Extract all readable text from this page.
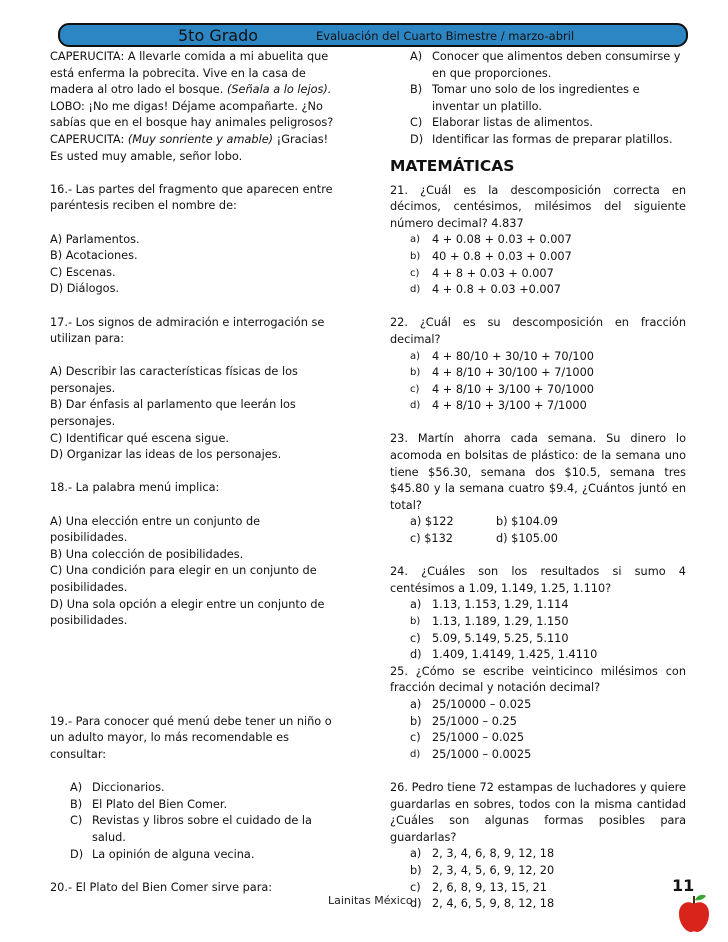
5to Grado	Evaluación del Cuarto Bimestre / marzo-abril

CAPERUCITA: A llevarle comida a mi abuelita que está enferma la pobrecita. Vive en la casa de madera al otro lado el bosque. (Señala a lo lejos).

LOBO: ¡No me digas! Déjame acompañarte. ¿No sabías que en el bosque hay animales peligrosos?

CAPERUCITA: (Muy sonriente y amable) ¡Gracias! Es usted muy amable, señor lobo.

16.- Las partes del fragmento que aparecen entre paréntesis reciben el nombre de:

A) Parlamentos.

B) Acotaciones.

C) Escenas.

D) Diálogos.

17.- Los signos de admiración e interrogación se utilizan para:

A) Describir las características físicas de los personajes.

B) Dar énfasis al parlamento que leerán los personajes.

C) Identificar qué escena sigue.

D) Organizar las ideas de los personajes.

18.- La palabra menú implica:

A) Una elección entre un conjunto de posibilidades.

B) Una colección de posibilidades.

C) Una condición para elegir en un conjunto de posibilidades.

D) Una sola opción a elegir entre un conjunto de posibilidades.

19.- Para conocer qué menú debe tener un niño o un adulto mayor, lo más recomendable es consultar:

A) Diccionarios.
B) El Plato del Bien Comer.
C) Revistas y libros sobre el cuidado de la salud.
D) La opinión de alguna vecina.

20.- El Plato del Bien Comer sirve para:

A) Conocer que alimentos deben consumirse y en que proporciones.
B) Tomar uno solo de los ingredientes e inventar un platillo.
C) Elaborar listas de alimentos.
D) Identificar las formas de preparar platillos.
MATEMÁTICAS

21. ¿Cuál es la descomposición correcta en décimos, centésimos, milésimos del siguiente número decimal? 4.837

a) 4 + 0.08 + 0.03 + 0.007
b) 40 + 0.8 + 0.03 + 0.007
c) 4 + 8 + 0.03 + 0.007
d) 4 + 0.8 + 0.03 +0.007

22. ¿Cuál es su descomposición en fracción decimal?

a) 4 + 80/10 + 30/10 + 70/100
b) 4 + 8/10 + 30/100 + 7/1000
c) 4 + 8/10 + 3/100 + 70/1000
d) 4 + 8/10 + 3/100 + 7/1000

23. Martín ahorra cada semana. Su dinero lo acomoda en bolsitas de plástico: de la semana uno tiene $56.30, semana dos $10.5, semana tres $45.80 y la semana cuatro $9.4, ¿Cuántos juntó en total?

a) $122	b) $104.09
c) $132	d) $105.00

24. ¿Cuáles son los resultados si sumo 4 centésimos a 1.09, 1.149, 1.25, 1.110?

a) 1.13, 1.153, 1.29, 1.114
b) 1.13, 1.189, 1.29, 1.150
c) 5.09, 5.149, 5.25, 5.110
d) 1.409, 1.4149, 1.425, 1.4110

25. ¿Cómo se escribe veinticinco milésimos con fracción decimal y notación decimal?

a) 25/10000 – 0.025
b) 25/1000 – 0.25
c) 25/1000 – 0.025
d) 25/1000 – 0.0025

26. Pedro tiene 72 estampas de luchadores y quiere guardarlas en sobres, todos con la misma cantidad ¿Cuáles son algunas formas posibles para guardarlas?

a) 2, 3, 4, 6, 8, 9, 12, 18
b) 2, 3, 4, 5, 6, 9, 12, 20
c) 2, 6, 8, 9, 13, 15, 21
d) 2, 4, 6, 5, 9, 8, 12, 18
Lainitas México
11
